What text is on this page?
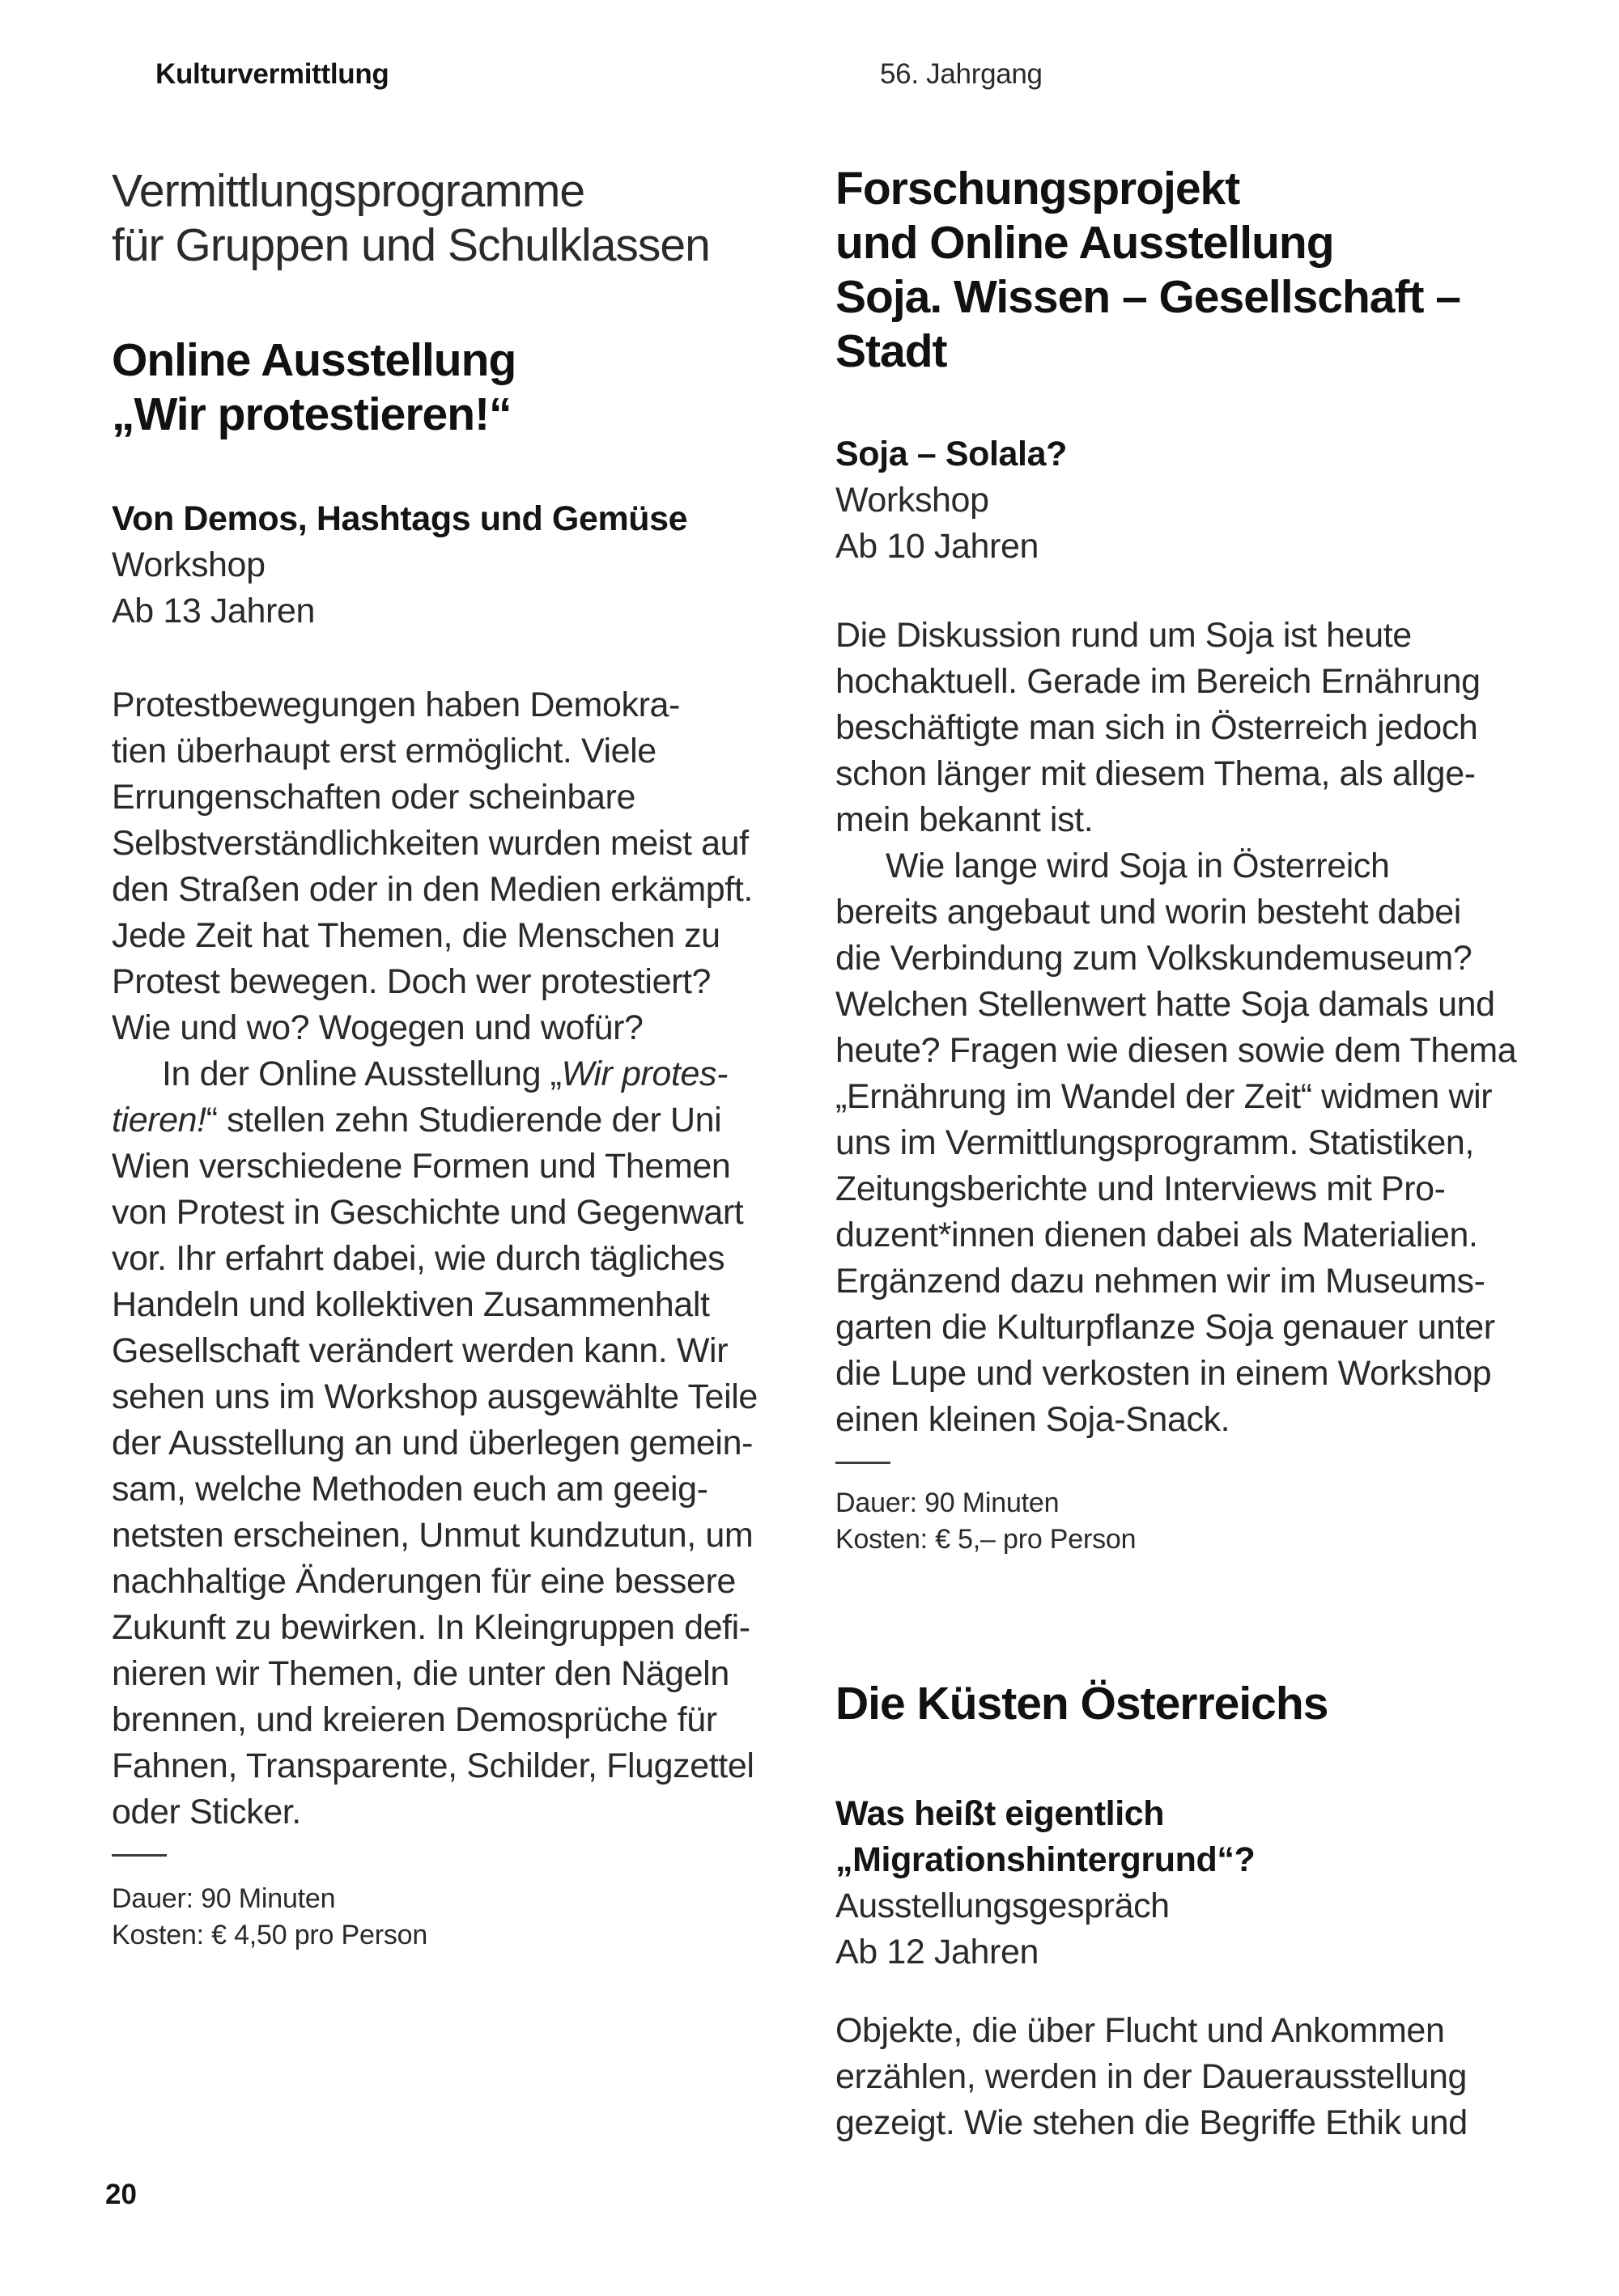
Kulturvermittlung	56. Jahrgang
Vermittlungsprogramme
für Gruppen und Schulklassen
Online Ausstellung
„Wir protestieren!“
Von Demos, Hashtags und Gemüse
Workshop
Ab 13 Jahren
Protestbewegungen haben Demokra-
tien überhaupt erst ermöglicht. Viele
Errungenschaften oder scheinbare
Selbstverständlichkeiten wurden meist auf
den Straßen oder in den Medien erkämpft.
Jede Zeit hat Themen, die Menschen zu
Protest bewegen. Doch wer protestiert?
Wie und wo? Wogegen und wofür?
In der Online Ausstellung „Wir protes-
tieren!“ stellen zehn Studierende der Uni
Wien verschiedene Formen und Themen
von Protest in Geschichte und Gegenwart
vor. Ihr erfahrt dabei, wie durch tägliches
Handeln und kollektiven Zusammenhalt
Gesellschaft verändert werden kann. Wir
sehen uns im Workshop ausgewählte Teile
der Ausstellung an und überlegen gemein-
sam, welche Methoden euch am geeig-
netsten erscheinen, Unmut kundzutun, um
nachhaltige Änderungen für eine bessere
Zukunft zu bewirken. In Kleingruppen defi-
nieren wir Themen, die unter den Nägeln
brennen, und kreieren Demosprüche für
Fahnen, Transparente, Schilder, Flugzettel
oder Sticker.
Dauer: 90 Minuten
Kosten: € 4,50 pro Person
20
Forschungsprojekt
und Online Ausstellung
Soja. Wissen – Gesellschaft –
Stadt
Soja – Solala?
Workshop
Ab 10 Jahren
Die Diskussion rund um Soja ist heute
hochaktuell. Gerade im Bereich Ernährung
beschäftigte man sich in Österreich jedoch
schon länger mit diesem Thema, als allge-
mein bekannt ist.
Wie lange wird Soja in Österreich
bereits angebaut und worin besteht dabei
die Verbindung zum Volkskundemuseum?
Welchen Stellenwert hatte Soja damals und
heute? Fragen wie diesen sowie dem Thema
„Ernährung im Wandel der Zeit“ widmen wir
uns im Vermittlungsprogramm. Statistiken,
Zeitungsberichte und Interviews mit Pro-
duzent*innen dienen dabei als Materialien.
Ergänzend dazu nehmen wir im Museums-
garten die Kulturpflanze Soja genauer unter
die Lupe und verkosten in einem Workshop
einen kleinen Soja-Snack.
Dauer: 90 Minuten
Kosten: € 5,– pro Person
Die Küsten Österreichs
Was heißt eigentlich
„Migrationshintergrund“?
Ausstellungsgespräch
Ab 12 Jahren
Objekte, die über Flucht und Ankommen
erzählen, werden in der Dauerausstellung
gezeigt. Wie stehen die Begriffe Ethik und
